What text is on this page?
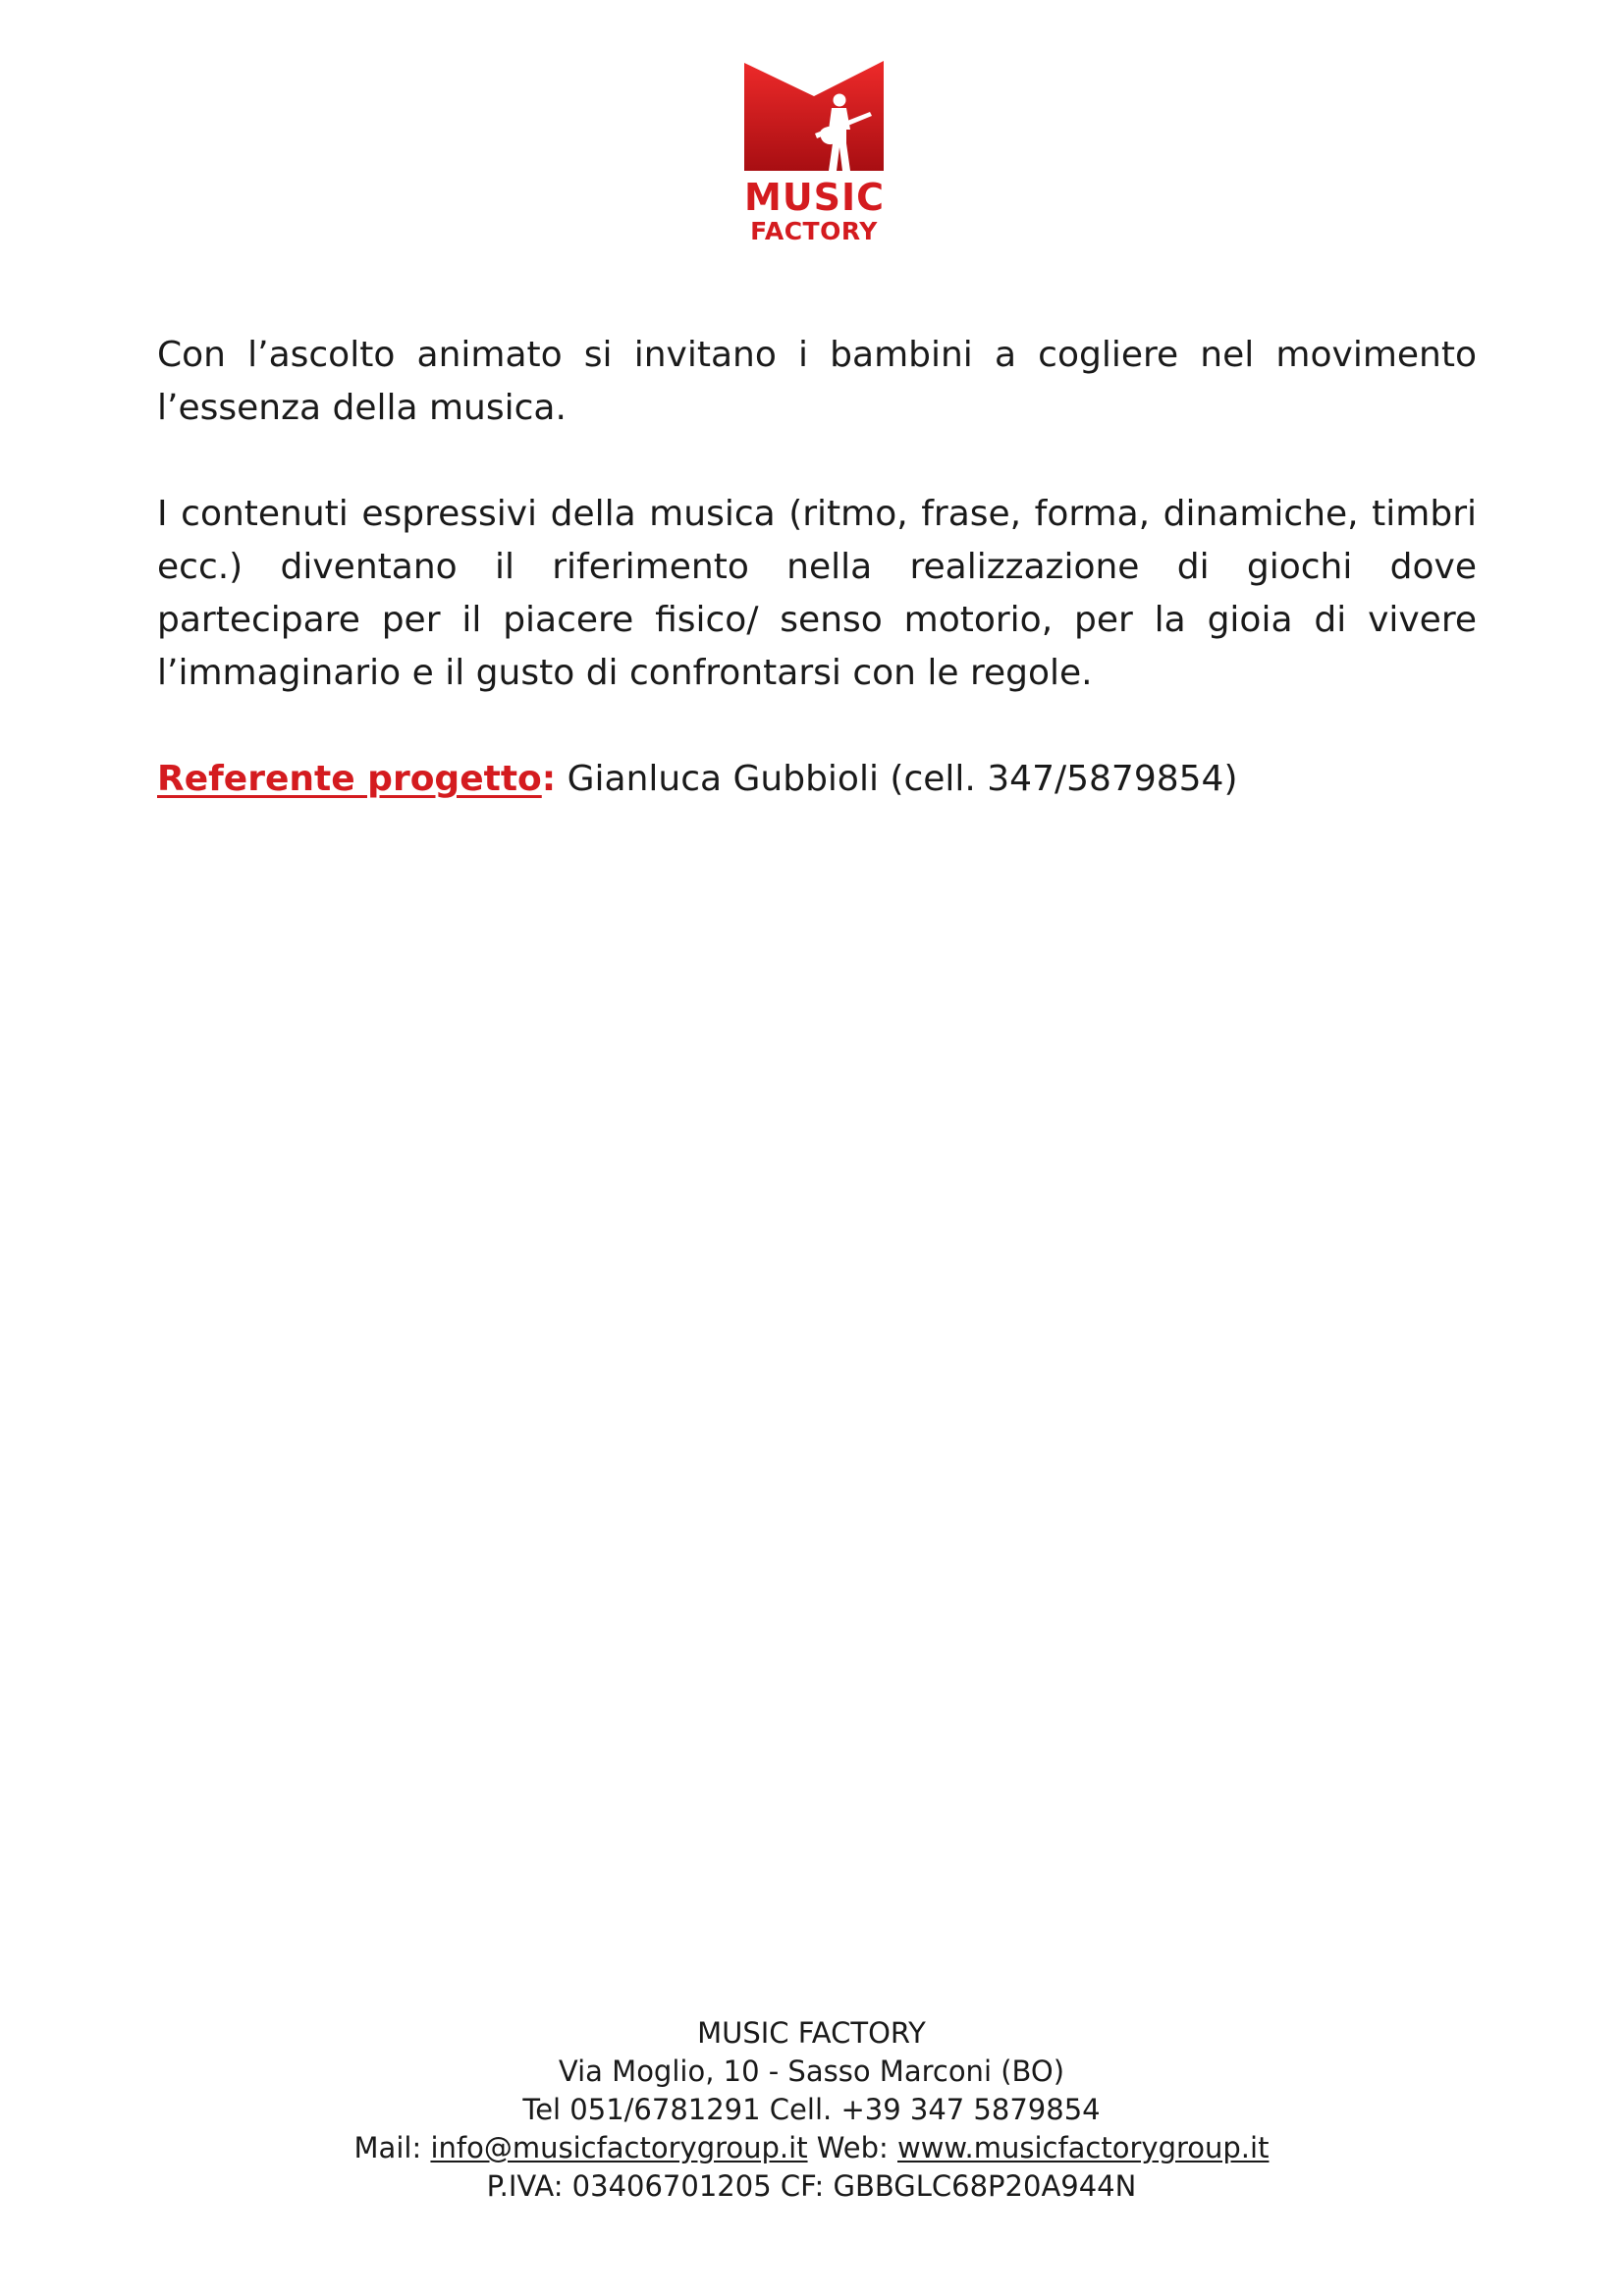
MUSIC
FACTORY

Con l’ascolto animato si invitano i bambini a cogliere nel movimento l’essenza della musica.

I contenuti espressivi della musica (ritmo, frase, forma, dinamiche, timbri ecc.) diventano il riferimento nella realizzazione di giochi dove partecipare per il piacere fisico/ senso motorio, per la gioia di vivere l’immaginario e il gusto di confrontarsi con le regole.

Referente progetto: Gianluca Gubbioli (cell. 347/5879854)

MUSIC FACTORY
Via Moglio, 10 - Sasso Marconi (BO)
Tel 051/6781291 Cell. +39 347 5879854
Mail: info@musicfactorygroup.it Web: www.musicfactorygroup.it
P.IVA: 03406701205 CF: GBBGLC68P20A944N
